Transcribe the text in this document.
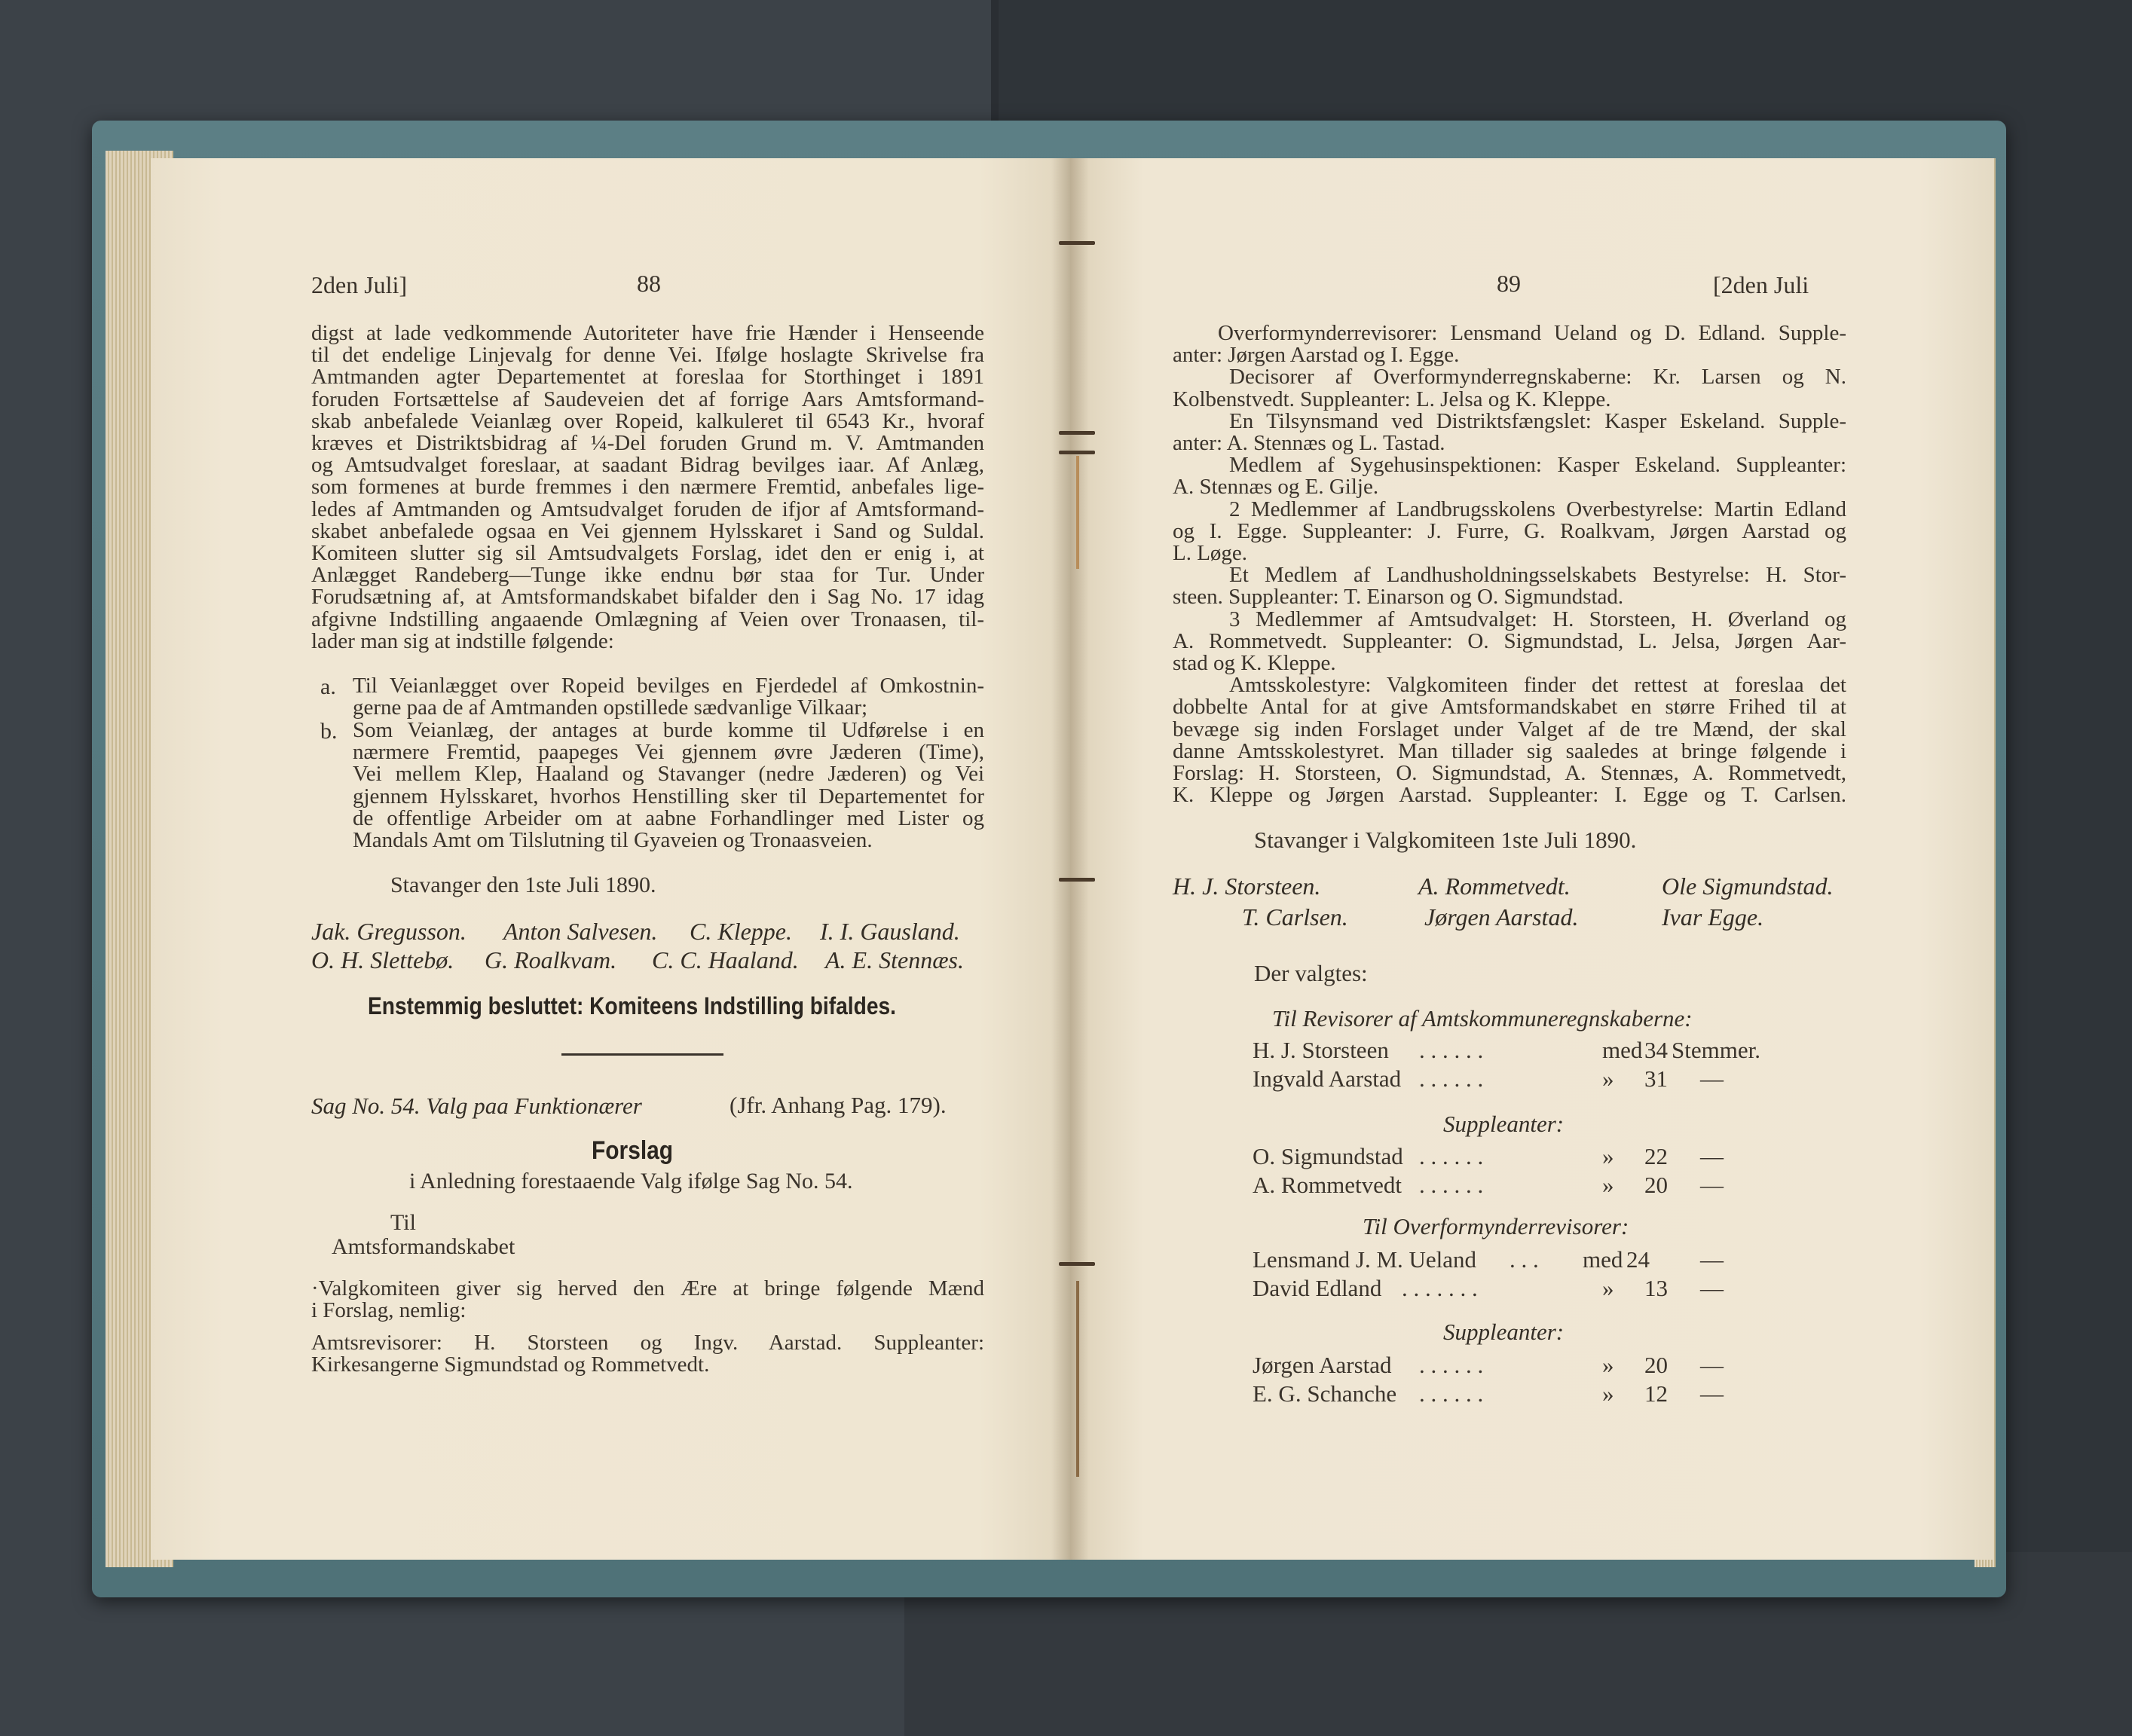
2den Juli]	88
digst at lade vedkommende Autoriteter have frie Hænder i Henseende
til det endelige Linjevalg for denne Vei. Ifølge hoslagte Skrivelse fra
Amtmanden agter Departementet at foreslaa for Storthinget i 1891
foruden Fortsættelse af Saudeveien det af forrige Aars Amtsformand-
skab anbefalede Veianlæg over Ropeid, kalkuleret til 6543 Kr., hvoraf
kræves et Distriktsbidrag af ¼-Del foruden Grund m. V. Amtmanden
og Amtsudvalget foreslaar, at saadant Bidrag bevilges iaar. Af Anlæg,
som formenes at burde fremmes i den nærmere Fremtid, anbefales lige-
ledes af Amtmanden og Amtsudvalget foruden de ifjor af Amtsformand-
skabet anbefalede ogsaa en Vei gjennem Hylsskaret i Sand og Suldal.
Komiteen slutter sig sil Amtsudvalgets Forslag, idet den er enig i, at
Anlægget Randeberg—Tunge ikke endnu bør staa for Tur. Under
Forudsætning af, at Amtsformandskabet bifalder den i Sag No. 17 idag
afgivne Indstilling angaaende Omlægning af Veien over Tronaasen, til-
lader man sig at indstille følgende:
a. Til Veianlægget over Ropeid bevilges en Fjerdedel af Omkostnin-
gerne paa de af Amtmanden opstillede sædvanlige Vilkaar;
b. Som Veianlæg, der antages at burde komme til Udførelse i en
nærmere Fremtid, paapeges Vei gjennem øvre Jæderen (Time),
Vei mellem Klep, Haaland og Stavanger (nedre Jæderen) og Vei
gjennem Hylsskaret, hvorhos Henstilling sker til Departementet for
de offentlige Arbeider om at aabne Forhandlinger med Lister og
Mandals Amt om Tilslutning til Gyaveien og Tronaasveien.
Stavanger den 1ste Juli 1890.
Jak. Gregusson. Anton Salvesen. C. Kleppe. I. I. Gausland.
O. H. Slettebø. G. Roalkvam. C. C. Haaland. A. E. Stennæs.
Enstemmig besluttet: Komiteens Indstilling bifaldes.
Sag No. 54. Valg paa Funktionærer	(Jfr. Anhang Pag. 179).
Forslag
i Anledning forestaaende Valg ifølge Sag No. 54.
Til
Amtsformandskabet
·Valgkomiteen giver sig herved den Ære at bringe følgende Mænd
i Forslag, nemlig:
Amtsrevisorer: H. Storsteen og Ingv. Aarstad. Suppleanter:
Kirkesangerne Sigmundstad og Rommetvedt.
89	[2den Juli
Overformynderrevisorer: Lensmand Ueland og D. Edland. Supple-
anter: Jørgen Aarstad og I. Egge.
Decisorer af Overformynderregnskaberne: Kr. Larsen og N.
Kolbenstvedt. Suppleanter: L. Jelsa og K. Kleppe.
En Tilsynsmand ved Distriktsfængslet: Kasper Eskeland. Supple-
anter: A. Stennæs og L. Tastad.
Medlem af Sygehusinspektionen: Kasper Eskeland. Suppleanter:
A. Stennæs og E. Gilje.
2 Medlemmer af Landbrugsskolens Overbestyrelse: Martin Edland
og I. Egge. Suppleanter: J. Furre, G. Roalkvam, Jørgen Aarstad og
L. Løge.
Et Medlem af Landhusholdningsselskabets Bestyrelse: H. Stor-
steen. Suppleanter: T. Einarson og O. Sigmundstad.
3 Medlemmer af Amtsudvalget: H. Storsteen, H. Øverland og
A. Rommetvedt. Suppleanter: O. Sigmundstad, L. Jelsa, Jørgen Aar-
stad og K. Kleppe.
Amtsskolestyre: Valgkomiteen finder det rettest at foreslaa det
dobbelte Antal for at give Amtsformandskabet en større Frihed til at
bevæge sig inden Forslaget under Valget af de tre Mænd, der skal
danne Amtsskolestyret. Man tillader sig saaledes at bringe følgende i
Forslag: H. Storsteen, O. Sigmundstad, A. Stennæs, A. Rommetvedt,
K. Kleppe og Jørgen Aarstad. Suppleanter: I. Egge og T. Carlsen.
Stavanger i Valgkomiteen 1ste Juli 1890.
H. J. Storsteen.	A. Rommetvedt.	Ole Sigmundstad.
T. Carlsen.	Jørgen Aarstad.	Ivar Egge.
Der valgtes:
Til Revisorer af Amtskommuneregnskaberne:
H. J. Storsteen . . . . . .	med 34 Stemmer.
Ingvald Aarstad . . . . . .	» 31 —
Suppleanter:
O. Sigmundstad . . . . . .	» 22 —
A. Rommetvedt . . . . . .	» 20 —
Til Overformynderrevisorer:
Lensmand J. M. Ueland . . . med 24 —
David Edland . . . . . . .	» 13 —
Suppleanter:
Jørgen Aarstad . . . . . .	» 20 —
E. G. Schanche . . . . . .	» 12 —
